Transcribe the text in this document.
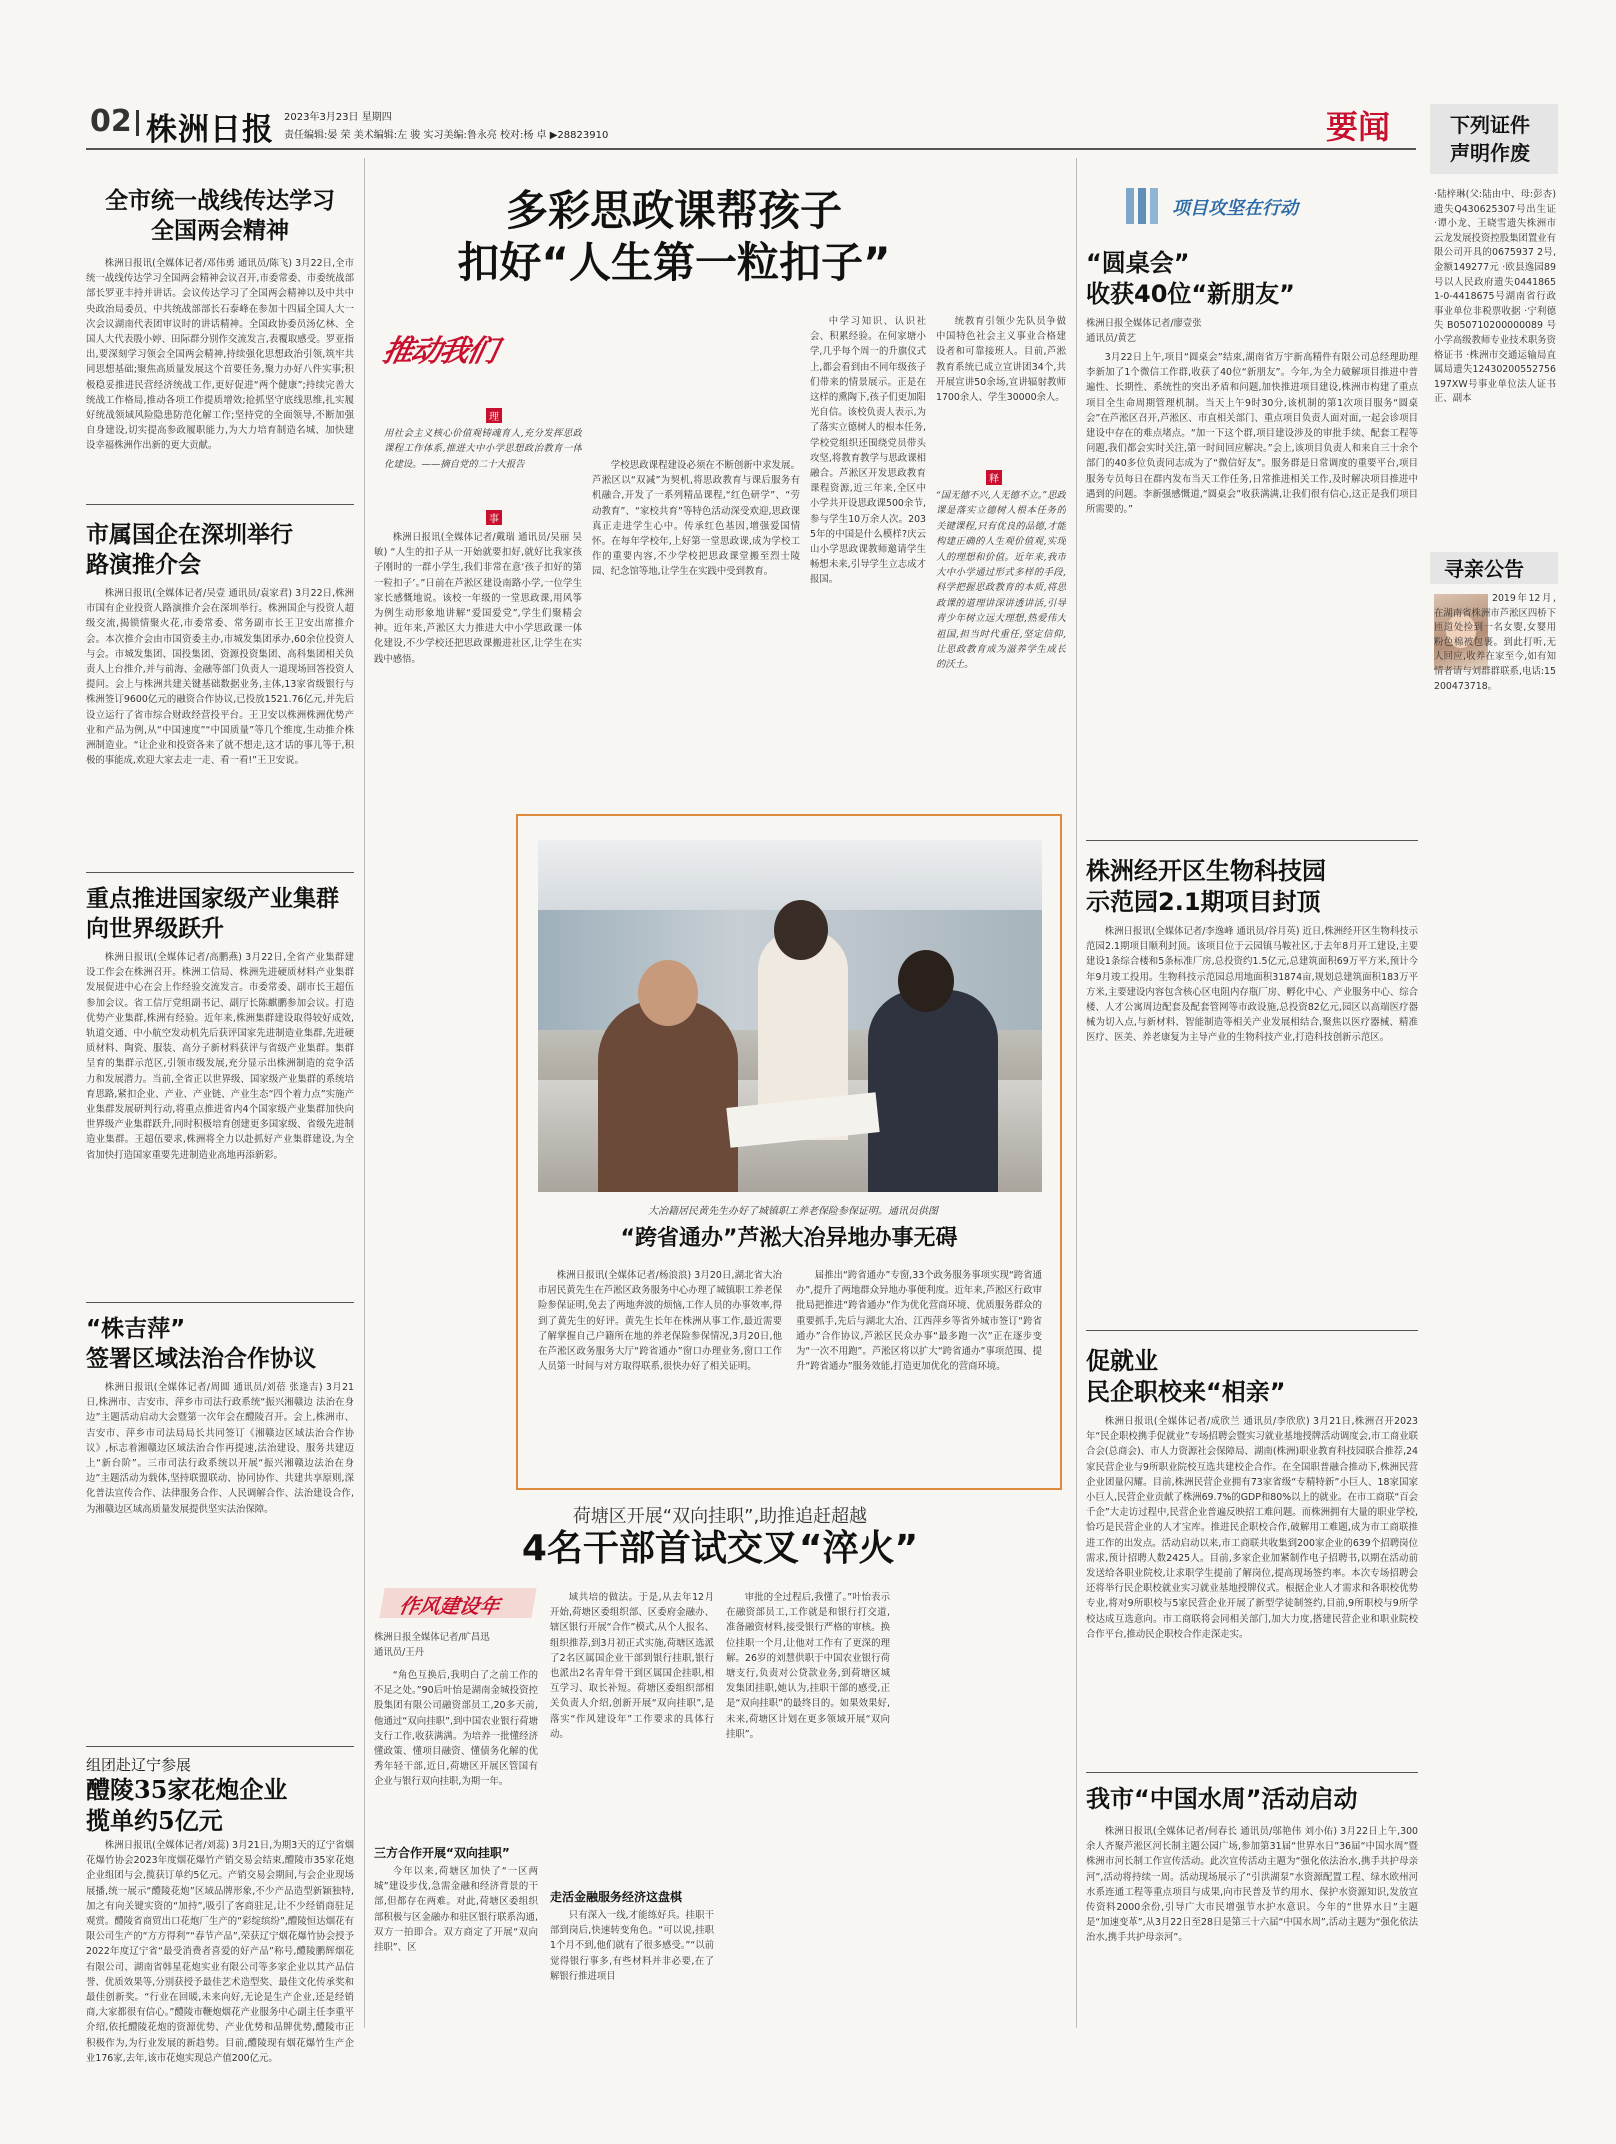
02 株洲日报 2023年3月23日 星期四
责任编辑:晏 荣 美术编辑:左 骏 实习美编:鲁永亮 校对:杨 卓 ▶28823910	要闻	下列证件
声明作废

·陆梓琳(父:陆由中、母:彭杏)遗失Q430625307号出生证 ·谭小龙、王晓雪遗失株洲市云龙发展投资控股集团置业有限公司开具的0675937 2号,金额149277元 ·欧县逸园89号以人民政府遗失04418651-0-4418675号湖南省行政事业单位非税票收据 ·宁利德失B050710200000089号小学高级教师专业技术职务资格证书 ·株洲市交通运输局直属局遗失12430200552756197XW号事业单位法人证书正、副本

寻亲公告

2019年12月,在湖南省株洲市芦淞区四桥下匝道处捡到一名女婴,女婴用粉色棉被包裹。到此打听,无人回应,收养在家至今,如有知情者请与刘群群联系,电话:15200473718。

全市统一战线传达学习
全国两会精神

株洲日报讯(全媒体记者/邓伟勇 通讯员/陈飞) 3月22日,全市统一战线传达学习全国两会精神会议召开,市委常委、市委统战部部长罗亚丰持并讲话。会议传达学习了全国两会精神以及中共中央政治局委员、中共统战部部长石泰峰在参加十四届全国人大一次会议湖南代表团审议时的讲话精神。全国政协委员汤亿林、全国人大代表殷小婷、田际群分别作交流发言,表覆取感受。罗亚指出,要深刻学习领会全国两会精神,持续强化思想政治引领,筑牢共同思想基础;聚焦高质量发展这个首要任务,聚力办好八件实事;积极稳妥推进民营经济统战工作,更好促进“两个健康”;持续完善大统战工作格局,推动各项工作提质增效;抢抓坚守底线思维,扎实履好统战领域风险隐患防范化解工作;坚持党的全面领导,不断加强自身建设,切实提高参政履职能力,为大力培育制造名城、加快建设幸福株洲作出新的更大贡献。

市属国企在深圳举行
路演推介会

株洲日报讯(全媒体记者/吴壹 通讯员/袁家君) 3月22日,株洲市国有企业投资人路演推介会在深圳举行。株洲国企与投资人超级交流,揭锁情聚火花,市委常委、常务副市长王卫安出席推介会。本次推介会由市国资委主办,市城发集团承办,60余位投资人与会。市城发集团、国投集团、资源投资集团、高科集团相关负责人上台推介,并与前海、金融等部门负责人一道现场回答投资人提问。会上与株洲共建关键基础数据业务,主体,13家省级银行与株洲签订9600亿元的融资合作协议,已投放1521.76亿元,并先后设立运行了省市综合财政经营投平台。王卫安以株洲株洲优势产业和产品为例,从“中国速度”“中国质量”等几个维度,生动推介株洲制造业。“让企业和投资各来了就不想走,这才话的事儿等于,积极的事能成,欢迎大家去走一走、看一看!”王卫安说。

重点推进国家级产业集群
向世界级跃升

株洲日报讯(全媒体记者/高鹏燕) 3月22日,全省产业集群建设工作会在株洲召开。株洲工信局、株洲先进硬质材料产业集群发展促进中心在会上作经验交流发言。市委常委、副市长王超伍参加会议。省工信厅党组副书记、副厅长陈麒鹏参加会议。打造优势产业集群,株洲有经验。近年来,株洲集群建设取得较好成效,轨道交通、中小航空发动机先后获评国家先进制造业集群,先进硬质材料、陶瓷、服装、高分子新材料获评与省级产业集群。集群呈育的集群示范区,引领市级发展,充分显示出株洲制造的竞争活力和发展潜力。当前,全省正以世界级、国家级产业集群的系统培育思路,紧扣企业、产业、产业链、产业生态“四个着力点”实施产业集群发展研判行动,将重点推进省内4个国家级产业集群加快向世界级产业集群跃升,同时积极培育创建更多国家级、省级先进制造业集群。王超伍要求,株洲将全力以赴抓好产业集群建设,为全省加快打造国家重要先进制造业高地再添新彩。

“株吉萍”
签署区域法治合作协议

株洲日报讯(全媒体记者/周圆 通讯员/刘蓓 张逢吉) 3月21日,株洲市、吉安市、萍乡市司法行政系统“振兴湘赣边 法治在身边”主题活动启动大会暨第一次年会在醴陵召开。会上,株洲市、吉安市、萍乡市司法局局长共同签订《湘赣边区域法治合作协议》,标志着湘赣边区域法治合作再提速,法治建设、服务共建迈上“新台阶”。三市司法行政系统以开展“振兴湘赣边法治在身边”主题活动为载体,坚持联盟联动、协同协作、共建共享原则,深化普法宣传合作、法律服务合作、人民调解合作、法治建设合作,为湘赣边区域高质量发展提供坚实法治保障。

组团赴辽宁参展
醴陵35家花炮企业
揽单约5亿元

株洲日报讯(全媒体记者/刘蕊) 3月21日,为期3天的辽宁省烟花爆竹协会2023年度烟花爆竹产销交易会结束,醴陵市35家花炮企业组团与会,揽获订单约5亿元。产销交易会期间,与会企业现场展播,统一展示“醴陵花炮”区域品牌形象,不少产品造型新颖独特,加之有向关键实资的“加持”,吸引了客商驻足,让不少经销商驻足观赏。醴陵省商贸出口花炮厂生产的“彩绽缤纷”,醴陵恒达烟花有限公司生产的“方方得利”“春节产品”,荣获辽宁烟花爆竹协会授予2022年度辽宁省“最受消费者喜爱的好产品”称号,醴陵鹏辉烟花有限公司、湖南省韩星花炮实业有限公司等多家企业以其产品信誉、优质效果等,分别获授予最佳艺术造型奖、最佳文化传承奖和最佳创新奖。“行业在回暖,未来向好,无论是生产企业,还是经销商,大家都很有信心。”醴陵市鞭炮烟花产业服务中心副主任李重平介绍,依托醴陵花炮的资源优势、产业优势和品牌优势,醴陵市正积极作为,为行业发展的新趋势。目前,醴陵现有烟花爆竹生产企业176家,去年,该市花炮实现总产值200亿元。

多彩思政课帮孩子
扣好“人生第一粒扣子”
推动我们
理

用社会主义核心价值观铸魂育人,充分发挥思政课程工作体系,推进大中小学思想政治教育一体化建设。——摘自党的二十大报告

事

株洲日报讯(全媒体记者/戴瑞 通讯员/吴丽 吴敏) “人生的扣子从一开始就要扣好,就好比我家孩子刚时的一群小学生,我们非常在意‘孩子扣好的第一粒扣子’。”日前在芦淞区建设南路小学,一位学生家长感慨地说。该校一年级的一堂思政课,用风筝为例生动形象地讲解“爱国爱党”,学生们聚精会神。近年来,芦淞区大力推进大中小学思政课一体化建设,不少学校还把思政课搬进社区,让学生在实践中感悟。

学校思政课程建设必须在不断创新中求发展。芦淞区以“双减”为契机,将思政教育与课后服务有机融合,开发了一系列精品课程,“红色研学”、“劳动教育”、“家校共育”等特色活动深受欢迎,思政课真正走进学生心中。传承红色基因,增强爱国情怀。在每年学校年,上好第一堂思政课,成为学校工作的重要内容,不少学校把思政课堂搬至烈士陵园、纪念馆等地,让学生在实践中受到教育。

中学习知识、认识社会、积累经验。在何家塘小学,几乎每个周一的升旗仪式上,都会看到由不同年级孩子们带来的情景展示。正是在这样的熏陶下,孩子们更加阳光自信。该校负责人表示,为了落实立德树人的根本任务,学校党组织还围绕党员带头攻坚,将教育教学与思政课相融合。芦淞区开发思政教育课程资源,近三年来,全区中小学共开设思政课500余节,参与学生10万余人次。2035年的中国是什么模样?庆云山小学思政课教师邀请学生畅想未来,引导学生立志成才报国。

统教育引领少先队员争做中国特色社会主义事业合格建设者和可靠接班人。目前,芦淞教育系统已成立宣讲团34个,共开展宣讲50余场,宣讲辐射教师1700余人、学生30000余人。

释

“国无德不兴,人无德不立。”思政课是落实立德树人根本任务的关键课程,只有优良的品德,才能构建正确的人生观价值观,实现人的理想和价值。近年来,我市大中小学通过形式多样的手段,科学把握思政教育的本质,将思政课的道理讲深讲透讲活,引导青少年树立远大理想,热爱伟大祖国,担当时代重任,坚定信仰,让思政教育成为滋养学生成长的沃土。

大冶籍居民黄先生办好了城镇职工养老保险参保证明。通讯员供图
“跨省通办”芦淞大冶异地办事无碍

株洲日报讯(全媒体记者/杨浪浪) 3月20日,湖北省大冶市居民黄先生在芦淞区政务服务中心办理了城镇职工养老保险参保证明,免去了两地奔波的烦恼,工作人员的办事效率,得到了黄先生的好评。黄先生长年在株洲从事工作,最近需要了解掌握自己户籍所在地的养老保险参保情况,3月20日,他在芦淞区政务服务大厅“跨省通办”窗口办理业务,窗口工作人员第一时间与对方取得联系,很快办好了相关证明。

届推出“跨省通办”专窗,33个政务服务事项实现“跨省通办”,提升了两地群众异地办事便利度。近年来,芦淞区行政审批局把推进“跨省通办”作为优化营商环境、优质服务群众的重要抓手,先后与湖北大冶、江西萍乡等省外城市签订“跨省通办”合作协议,芦淞区民众办事“最多跑一次”正在逐步变为“一次不用跑”。芦淞区将以扩大“跨省通办”事项范围、提升“跨省通办”服务效能,打造更加优化的营商环境。

荷塘区开展“双向挂职”,助推追赶超越
4名干部首试交叉“淬火”
作风建设年

株洲日报全媒体记者/旷昌迅
通讯员/王丹

“角色互换后,我明白了之前工作的不足之处。”90后叶怡是湖南金城投资控股集团有限公司融资部员工,20多天前,他通过“双向挂职”,到中国农业银行荷塘支行工作,收获满满。为培养一批懂经济懂政策、懂项目融资、懂债务化解的优秀年轻干部,近日,荷塘区开展区管国有企业与银行双向挂职,为期一年。

三方合作开展“双向挂职”

今年以来,荷塘区加快了“一区两城”建设步伐,急需金融和经济背景的干部,但都存在两难。对此,荷塘区委组织部积极与区金融办和驻区银行联系沟通,双方一拍即合。双方商定了开展“双向挂职”、区

域共培的做法。于是,从去年12月开始,荷塘区委组织部、区委府金融办、辖区银行开展“合作”模式,从个人报名、组织推荐,到3月初正式实施,荷塘区选派了2名区属国企业干部到银行挂职,银行也派出2名青年骨干到区属国企挂职,相互学习、取长补短。荷塘区委组织部相关负责人介绍,创新开展“双向挂职”,是落实“作风建设年”工作要求的具体行动。

走活金融服务经济这盘棋

只有深入一线,才能练好兵。挂职干部到岗后,快速转变角色。“可以说,挂职1个月不到,他们就有了很多感受。”“以前觉得银行事多,有些材料并非必要,在了解银行推进项目

审批的全过程后,我懂了。”叶怡表示在融资部员工,工作就是和银行打交道,准备融资材料,接受银行严格的审核。换位挂职一个月,让他对工作有了更深的理解。26岁的刘慧供职于中国农业银行荷塘支行,负责对公贷款业务,到荷塘区城发集团挂职,她认为,挂职干部的感受,正是“双向挂职”的最终目的。如果效果好,未来,荷塘区计划在更多领域开展“双向挂职”。

项目攻坚在行动
“圆桌会”
收获40位“新朋友”

株洲日报全媒体记者/廖壹张
通讯员/黄艺

3月22日上午,项目“圆桌会”结束,湖南省万宇新高精件有限公司总经理助理李新加了1个微信工作群,收获了40位“新朋友”。今年,为全力破解项目推进中普遍性、长期性、系统性的突出矛盾和问题,加快推进项目建设,株洲市构建了重点项目全生命周期管理机制。当天上午9时30分,该机制的第1次项目服务“圆桌会”在芦淞区召开,芦淞区、市直相关部门、重点项目负责人面对面,一起会诊项目建设中存在的难点堵点。“加一下这个群,项目建设涉及的审批手续、配套工程等问题,我们都会实时关注,第一时间回应解决。”会上,该项目负责人和来自三十余个部门的40多位负责同志成为了“微信好友”。服务群是日常调度的重要平台,项目服务专员每日在群内发布当天工作任务,日常推进相关工作,及时解决项目推进中遇到的问题。李新强感慨道,“圆桌会”收获满满,让我们很有信心,这正是我们项目所需要的。”

株洲经开区生物科技园
示范园2.1期项目封顶

株洲日报讯(全媒体记者/李逸峰 通讯员/谷月英) 近日,株洲经开区生物科技示范园2.1期项目顺利封顶。该项目位于云园镇马鞍社区,于去年8月开工建设,主要建设1条综合楼和5条标准厂房,总投资约1.5亿元,总建筑面积69万平方米,预计今年9月竣工投用。生物科技示范园总用地面积31874亩,规划总建筑面积183万平方米,主要建设内容包含核心区电阻内存瓶厂房、孵化中心、产业服务中心、综合楼、人才公寓周边配套及配套管网等市政设施,总投资82亿元,园区以高端医疗器械为切入点,与新材料、智能制造等相关产业发展相结合,聚焦以医疗器械、精准医疗、医美、养老康复为主导产业的生物科技产业,打造科技创新示范区。

促就业
民企职校来“相亲”

株洲日报讯(全媒体记者/成欣兰 通讯员/李欣欣) 3月21日,株洲召开2023年“民企职校携手促就业”专场招聘会暨实习就业基地授牌活动调度会,市工商业联合会(总商会)、市人力资源社会保障局、湖南(株洲)职业教育科技园联合推荐,24家民营企业与9所职业院校互选共建校企合作。在全国职普融合推动下,株洲民营企业团量闪耀。目前,株洲民营企业拥有73家省级“专精特新”小巨人、18家国家小巨人,民营企业贡献了株洲69.7%的GDP和80%以上的就业。在市工商联“百会千企”大走访过程中,民营企业普遍反映招工难问题。而株洲拥有大量的职业学校,恰巧是民营企业的人才宝库。推进民企职校合作,破解用工难题,成为市工商联推进工作的出发点。活动启动以来,市工商联共收集到200家企业的639个招聘岗位需求,预计招聘人数2425人。目前,多家企业加紧制作电子招聘书,以期在活动前发送给各职业院校,让求职学生提前了解岗位,提高现场签约率。本次专场招聘会还将举行民企职校就业实习就业基地授牌仪式。根据企业人才需求和各职校优势专业,将对9所职校与5家民营企业开展了新型学徒制签约,目前,9所职校与9所学校达成互选意向。市工商联将会同相关部门,加大力度,搭建民营企业和职业院校合作平台,推动民企职校合作走深走实。

我市“中国水周”活动启动

株洲日报讯(全媒体记者/何春长 通讯员/邬艳伟 刘小佑) 3月22日上午,300余人齐聚芦淞区河长制主题公园广场,参加第31届“世界水日”36届“中国水周”暨株洲市河长制工作宣传活动。此次宣传活动主题为“强化依法治水,携手共护母亲河”,活动将持续一周。活动现场展示了“引洪湖泵”水资源配置工程、绿水欧州河水系连通工程等重点项目与成果,向市民普及节约用水、保护水资源知识,发放宣传资料2000余份,引导广大市民增强节水护水意识。今年的“世界水日”主题是“加速变革”,从3月22日至28日是第三十六届“中国水周”,活动主题为“强化依法治水,携手共护母亲河”。
